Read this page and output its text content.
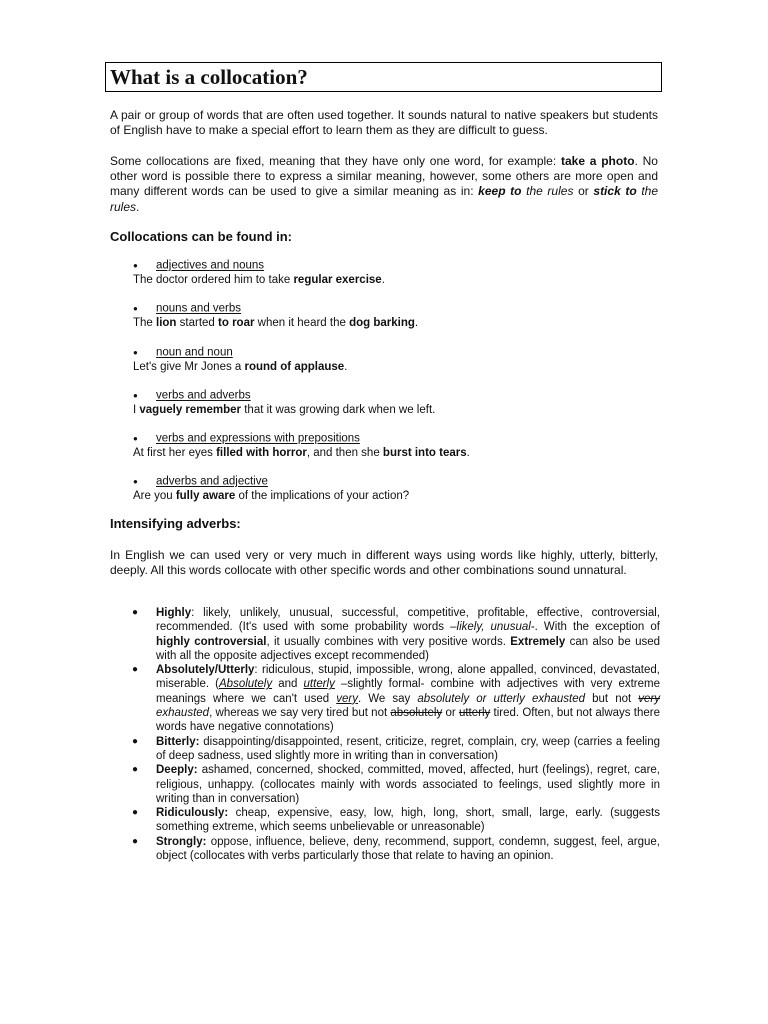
What is a collocation?

A pair or group of words that are often used together. It sounds natural to native speakers but students of English have to make a special effort to learn them as they are difficult to guess.

Some collocations are fixed, meaning that they have only one word, for example: take a photo. No other word is possible there to express a similar meaning, however, some others are more open and many different words can be used to give a similar meaning as in: keep to the rules or stick to the rules.

Collocations can be found in:
● adjectives and nouns
The doctor ordered him to take regular exercise.
● nouns and verbs
The lion started to roar when it heard the dog barking.
● noun and noun
Let's give Mr Jones a round of applause.
● verbs and adverbs
I vaguely remember that it was growing dark when we left.
● verbs and expressions with prepositions
At first her eyes filled with horror, and then she burst into tears.
● adverbs and adjective
Are you fully aware of the implications of your action?
Intensifying adverbs:

In English we can used very or very much in different ways using words like highly, utterly, bitterly, deeply. All this words collocate with other specific words and other combinations sound unnatural.

● Highly: likely, unlikely, unusual, successful, competitive, profitable, effective, controversial, recommended. (It's used with some probability words –likely, unusual-. With the exception of highly controversial, it usually combines with very positive words. Extremely can also be used with all the opposite adjectives except recommended)
● Absolutely/Utterly: ridiculous, stupid, impossible, wrong, alone appalled, convinced, devastated, miserable. (Absolutely and utterly –slightly formal- combine with adjectives with very extreme meanings where we can't used very. We say absolutely or utterly exhausted but not very exhausted, whereas we say very tired but not absolutely or utterly tired. Often, but not always there words have negative connotations)
● Bitterly: disappointing/disappointed, resent, criticize, regret, complain, cry, weep (carries a feeling of deep sadness, used slightly more in writing than in conversation)
● Deeply: ashamed, concerned, shocked, committed, moved, affected, hurt (feelings), regret, care, religious, unhappy. (collocates mainly with words associated to feelings, used slightly more in writing than in conversation)
● Ridiculously: cheap, expensive, easy, low, high, long, short, small, large, early. (suggests something extreme, which seems unbelievable or unreasonable)
● Strongly: oppose, influence, believe, deny, recommend, support, condemn, suggest, feel, argue, object (collocates with verbs particularly those that relate to having an opinion.
